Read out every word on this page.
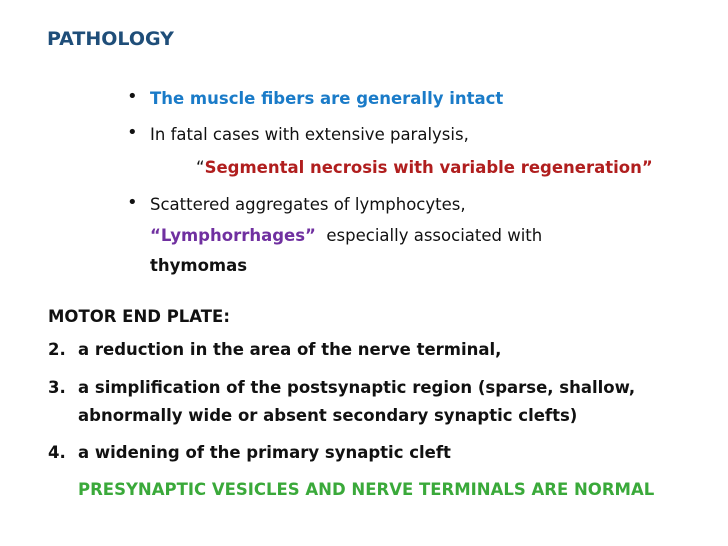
PATHOLOGY
• The muscle fibers are generally intact
• In fatal cases with extensive paralysis,
“Segmental necrosis with variable regeneration”
• Scattered aggregates of lymphocytes,
“Lymphorrhages” especially associated with
thymomas
MOTOR END PLATE:
2. a reduction in the area of the nerve terminal,
3. a simplification of the postsynaptic region (sparse, shallow,
abnormally wide or absent secondary synaptic clefts)
4. a widening of the primary synaptic cleft
PRESYNAPTIC VESICLES AND NERVE TERMINALS ARE NORMAL
